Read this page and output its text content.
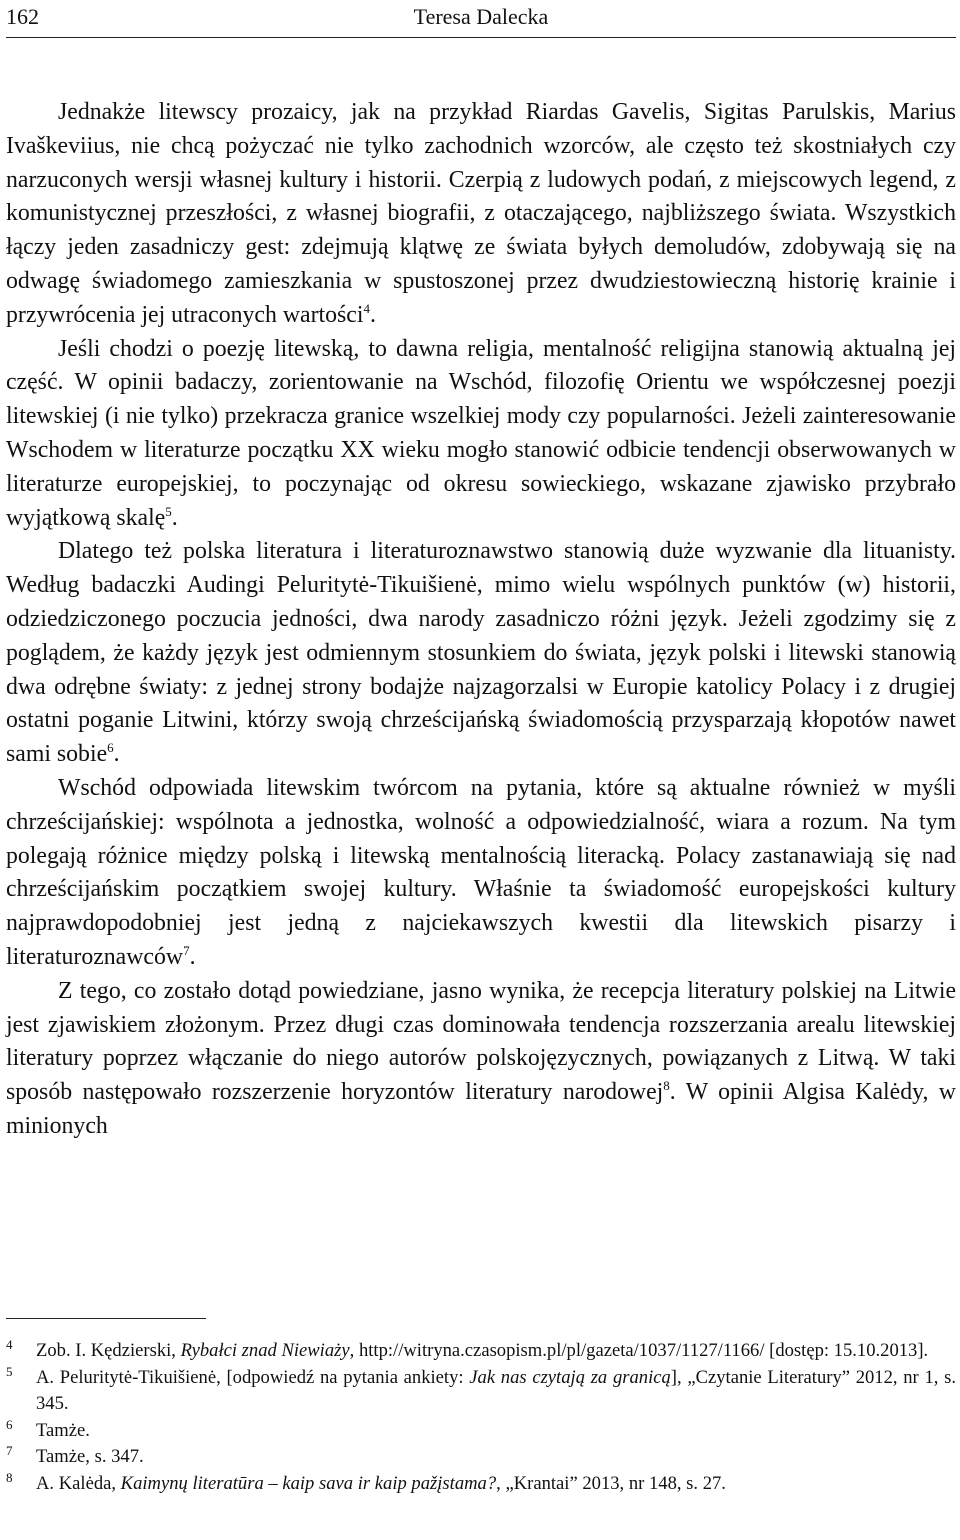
162	Teresa Dalecka

Jednakże litewscy prozaicy, jak na przykład Riardas Gavelis, Sigitas Parulskis, Marius Ivaškeviius, nie chcą pożyczać nie tylko zachodnich wzorców, ale często też skostniałych czy narzuconych wersji własnej kultury i historii. Czerpią z ludowych podań, z miejscowych legend, z komunistycznej przeszłości, z własnej biografii, z otaczającego, najbliższego świata. Wszystkich łączy jeden zasadniczy gest: zdejmują klątwę ze świata byłych demoludów, zdobywają się na odwagę świadomego zamieszkania w spustoszonej przez dwudziestowieczną historię krainie i przywrócenia jej utraconych wartości$^4$.

Jeśli chodzi o poezję litewską, to dawna religia, mentalność religijna stanowią aktualną jej część. W opinii badaczy, zorientowanie na Wschód, filozofię Orientu we współczesnej poezji litewskiej (i nie tylko) przekracza granice wszelkiej mody czy popularności. Jeżeli zainteresowanie Wschodem w literaturze początku XX wieku mogło stanowić odbicie tendencji obserwowanych w literaturze europejskiej, to poczynając od okresu sowieckiego, wskazane zjawisko przybrało wyjątkową skalę$^5$.

Dlatego też polska literatura i literaturoznawstwo stanowią duże wyzwanie dla lituanisty. Według badaczki Audingi Peluritytė-Tikuišienė, mimo wielu wspólnych punktów (w) historii, odziedziczonego poczucia jedności, dwa narody zasadniczo różni język. Jeżeli zgodzimy się z poglądem, że każdy język jest odmiennym stosunkiem do świata, język polski i litewski stanowią dwa odrębne światy: z jednej strony bodajże najzagorzalsi w Europie katolicy Polacy i z drugiej ostatni poganie Litwini, którzy swoją chrześcijańską świadomością przysparzają kłopotów nawet sami sobie$^6$.

Wschód odpowiada litewskim twórcom na pytania, które są aktualne również w myśli chrześcijańskiej: wspólnota a jednostka, wolność a odpowiedzialność, wiara a rozum. Na tym polegają różnice między polską i litewską mentalnością literacką. Polacy zastanawiają się nad chrześcijańskim początkiem swojej kultury. Właśnie ta świadomość europejskości kultury najprawdopodobniej jest jedną z najciekawszych kwestii dla litewskich pisarzy i literaturoznawców$^7$.

Z tego, co zostało dotąd powiedziane, jasno wynika, że recepcja literatury polskiej na Litwie jest zjawiskiem złożonym. Przez długi czas dominowała tendencja rozszerzania arealu litewskiej literatury poprzez włączanie do niego autorów polskojęzycznych, powiązanych z Litwą. W taki sposób następowało rozszerzenie horyzontów literatury narodowej$^8$. W opinii Algisa Kalėdy, w minionych

4 Zob. I. Kędzierski, Rybałci znad Niewiaży, http://witryna.czasopism.pl/pl/gazeta/1037/1127/1166/ [dostęp: 15.10.2013].
5 A. Peluritytė-Tikuišienė, [odpowiedź na pytania ankiety: Jak nas czytają za granicą], „Czytanie Literatury” 2012, nr 1, s. 345.
6 Tamże.
7 Tamże, s. 347.
8 A. Kalėda, Kaimynų literatūra – kaip sava ir kaip pažįstama?, „Krantai” 2013, nr 148, s. 27.
